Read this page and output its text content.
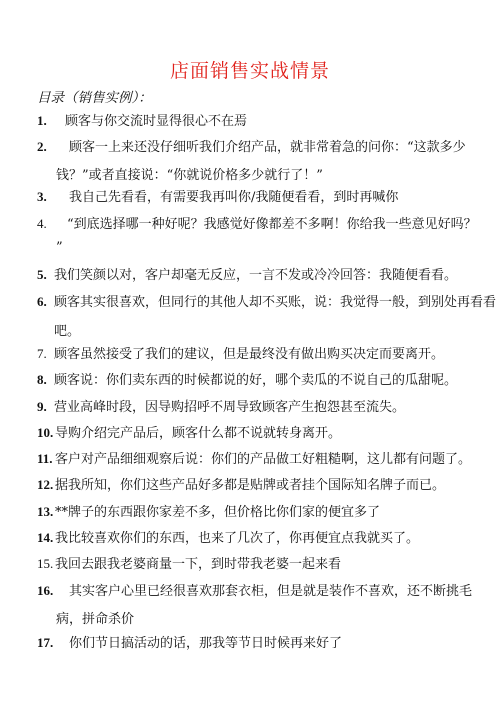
店面销售实战情景
目录（销售实例）：
1. 顾客与你交流时显得很心不在焉
2. 顾客一上来还没仔细听我们介绍产品，就非常着急的问你：“这款多少
钱？”或者直接说：“你就说价格多少就行了！”
3. 我自己先看看，有需要我再叫你/我随便看看，到时再喊你
4. “到底选择哪一种好呢？我感觉好像都差不多啊！你给我一些意见好吗？
”
5. 我们笑颜以对，客户却毫无反应，一言不发或冷冷回答：我随便看看。
6. 顾客其实很喜欢，但同行的其他人却不买账，说：我觉得一般，到别处再看看
吧。
7. 顾客虽然接受了我们的建议，但是最终没有做出购买决定而要离开。
8. 顾客说：你们卖东西的时候都说的好，哪个卖瓜的不说自己的瓜甜呢。
9. 营业高峰时段，因导购招呼不周导致顾客产生抱怨甚至流失。
10. 导购介绍完产品后，顾客什么都不说就转身离开。
11. 客户对产品细细观察后说：你们的产品做工好粗糙啊，这儿都有问题了。
12. 据我所知，你们这些产品好多都是贴牌或者挂个国际知名牌子而已。
13. **牌子的东西跟你家差不多，但价格比你们家的便宜多了
14. 我比较喜欢你们的东西，也来了几次了，你再便宜点我就买了。
15. 我回去跟我老婆商量一下，到时带我老婆一起来看
16. 其实客户心里已经很喜欢那套衣柜，但是就是装作不喜欢，还不断挑毛
病，拼命杀价
17. 你们节日搞活动的话，那我等节日时候再来好了
